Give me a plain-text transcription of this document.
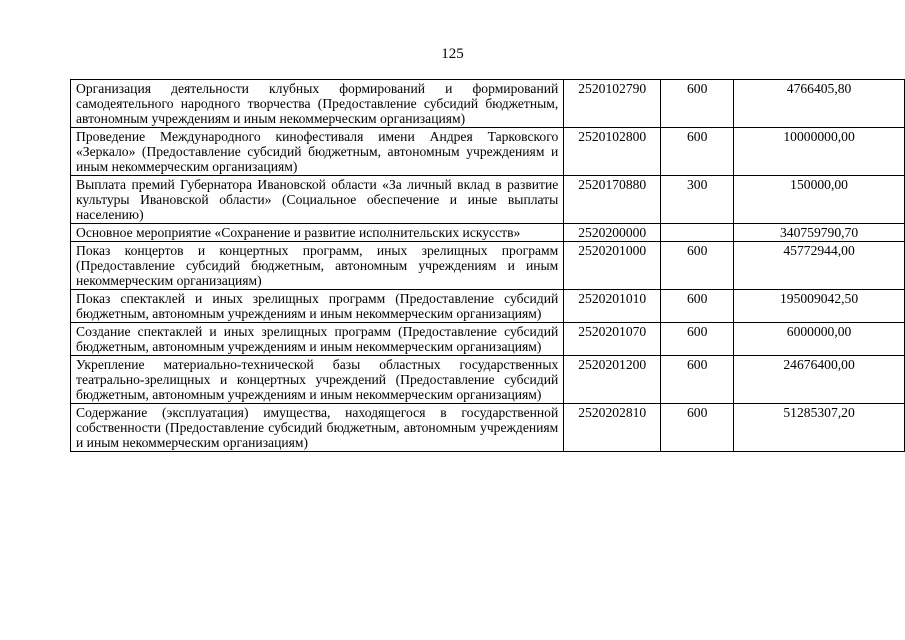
125
Организация деятельности клубных формирований и формирований самодеятельного народного творчества (Предоставление субсидий бюджетным, автономным учреждениям и иным некоммерческим организациям)	2520102790	600	4766405,80
Проведение Международного кинофестиваля имени Андрея Тарковского «Зеркало» (Предоставление субсидий бюджетным, автономным учреждениям и иным некоммерческим организациям)	2520102800	600	10000000,00
Выплата премий Губернатора Ивановской области «За личный вклад в развитие культуры Ивановской области» (Социальное обеспечение и иные выплаты населению)	2520170880	300	150000,00
Основное мероприятие «Сохранение и развитие исполнительских искусств»	2520200000		340759790,70
Показ концертов и концертных программ, иных зрелищных программ (Предоставление субсидий бюджетным, автономным учреждениям и иным некоммерческим организациям)	2520201000	600	45772944,00
Показ спектаклей и иных зрелищных программ (Предоставление субсидий бюджетным, автономным учреждениям и иным некоммерческим организациям)	2520201010	600	195009042,50
Создание спектаклей и иных зрелищных программ (Предоставление субсидий бюджетным, автономным учреждениям и иным некоммерческим организациям)	2520201070	600	6000000,00
Укрепление материально-технической базы областных государственных театрально-зрелищных и концертных учреждений (Предоставление субсидий бюджетным, автономным учреждениям и иным некоммерческим организациям)	2520201200	600	24676400,00
Содержание (эксплуатация) имущества, находящегося в государственной собственности (Предоставление субсидий бюджетным, автономным учреждениям и иным некоммерческим организациям)	2520202810	600	51285307,20
